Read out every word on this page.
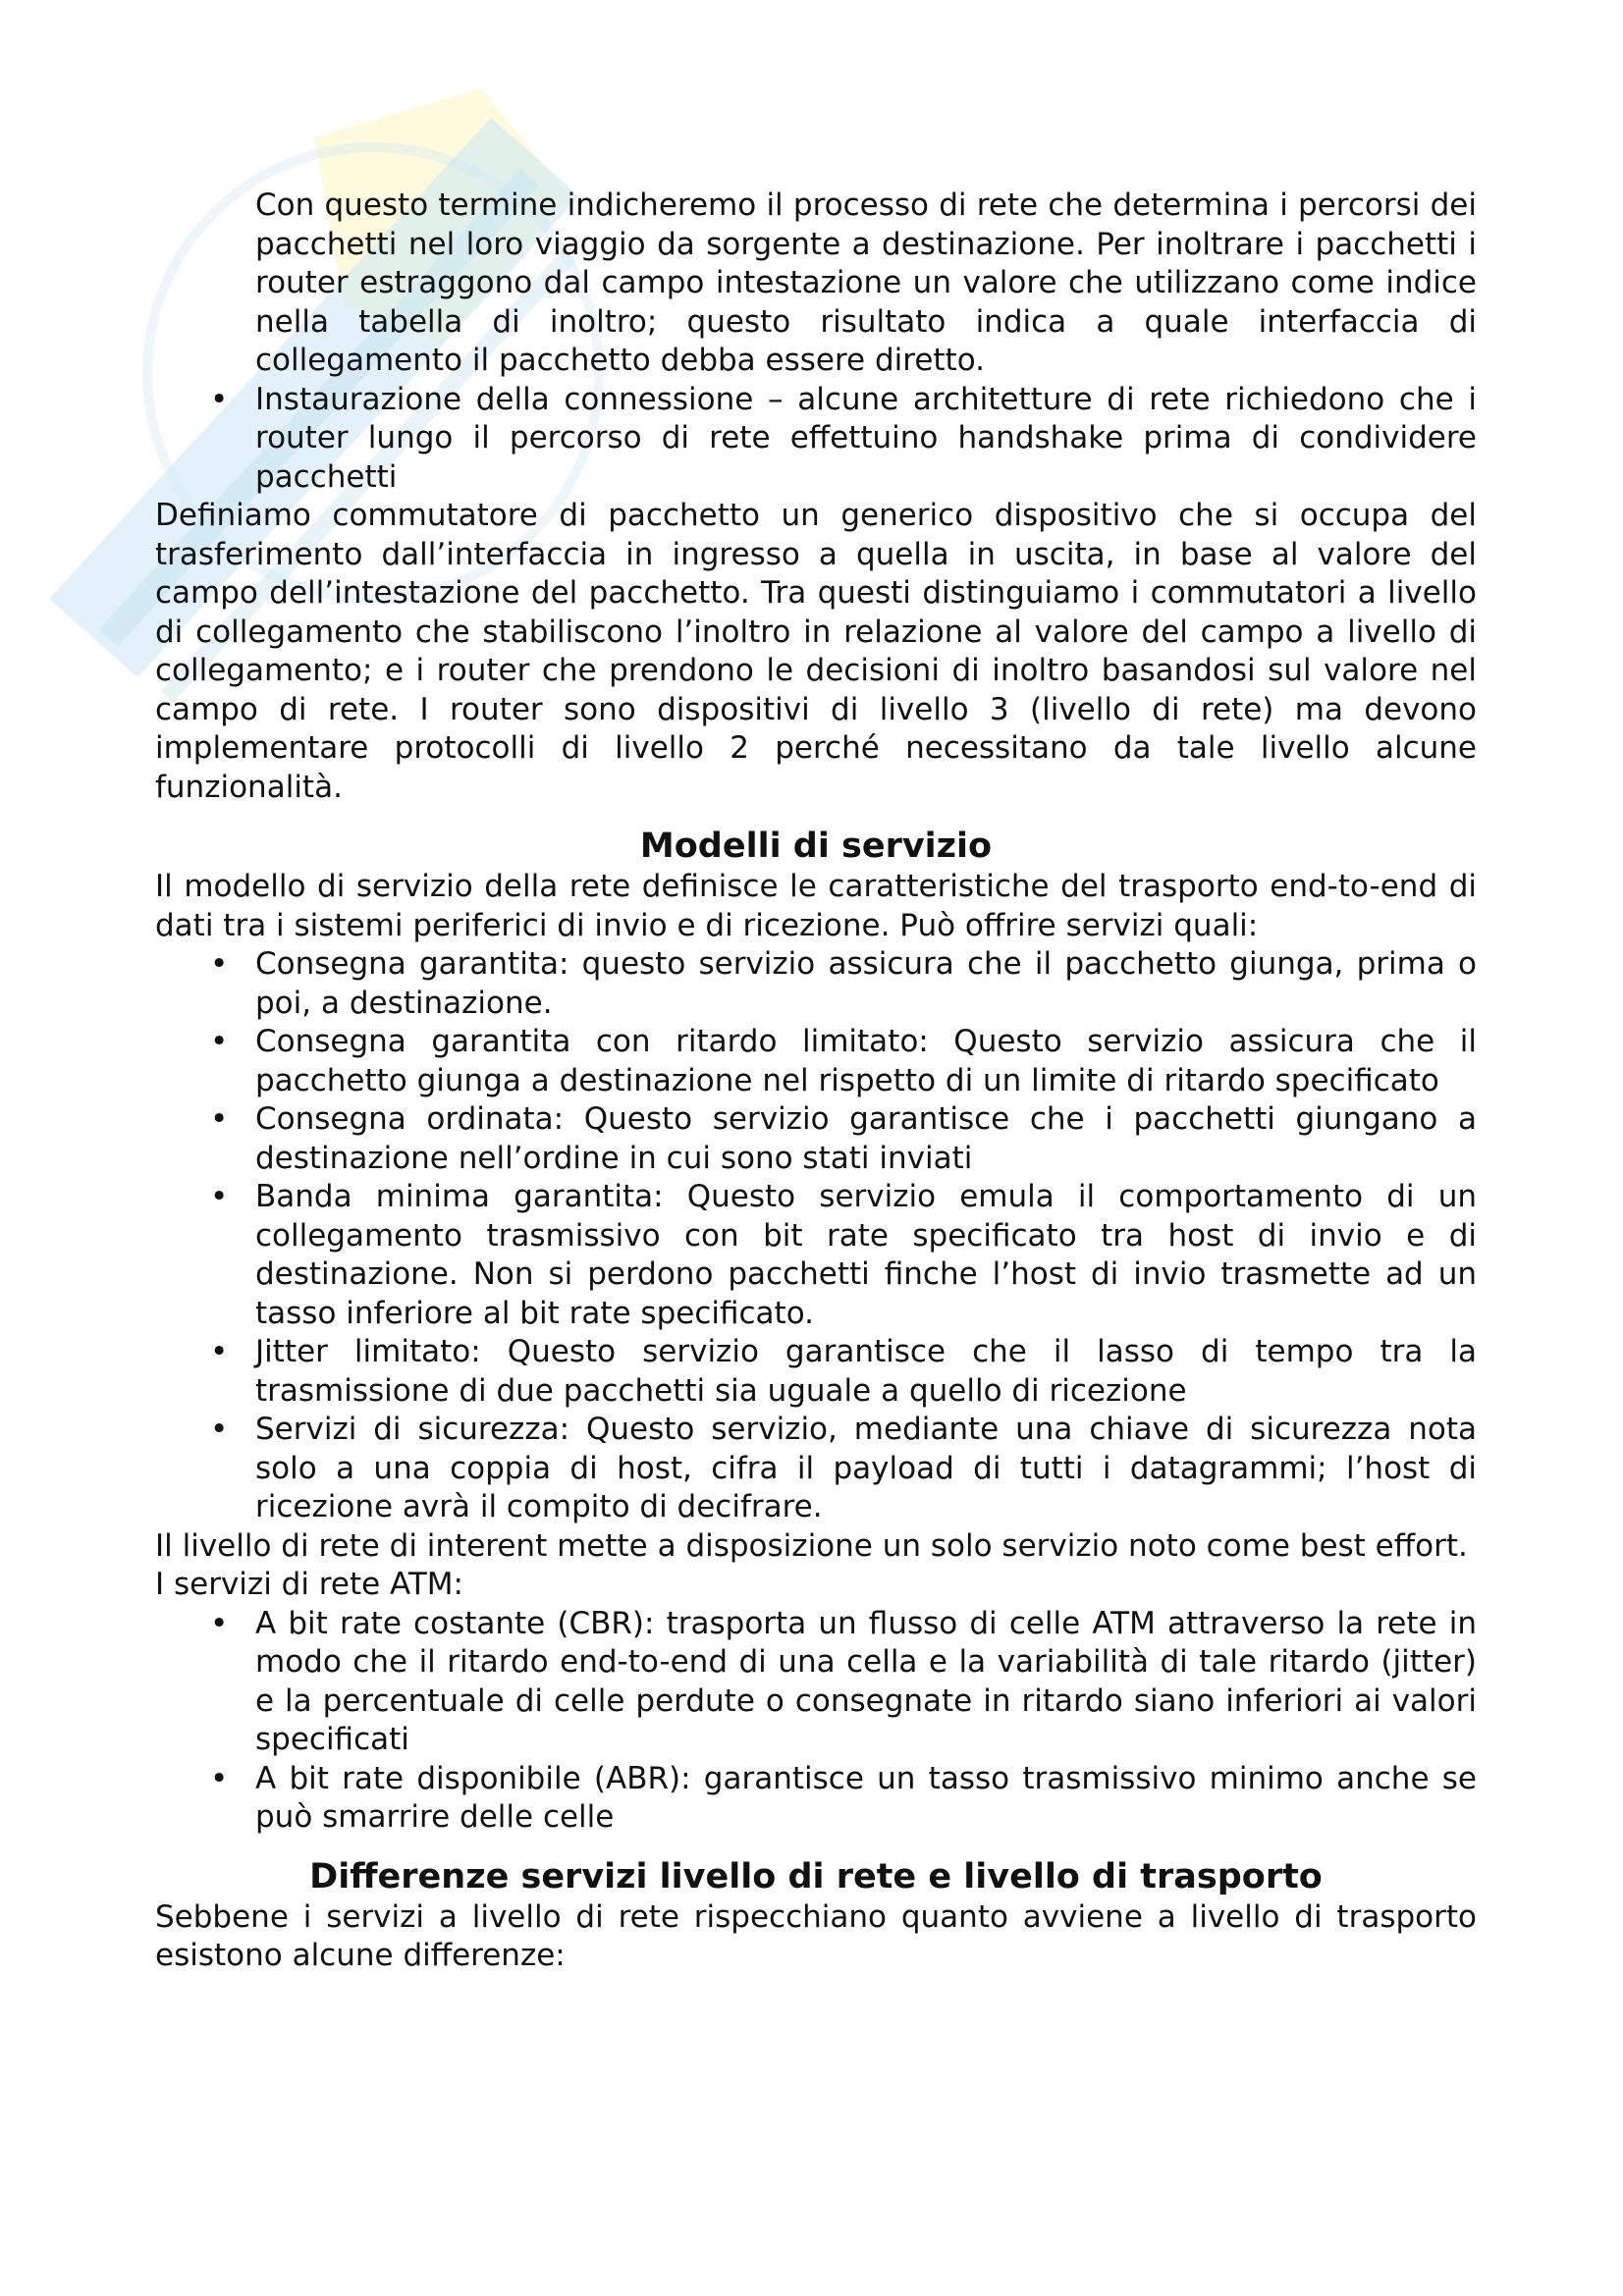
Con questo termine indicheremo il processo di rete che determina i percorsi dei pacchetti nel loro viaggio da sorgente a destinazione. Per inoltrare i pacchetti i router estraggono dal campo intestazione un valore che utilizzano come indice nella tabella di inoltro; questo risultato indica a quale interfaccia di collegamento il pacchetto debba essere diretto.

• Instaurazione della connessione – alcune architetture di rete richiedono che i router lungo il percorso di rete effettuino handshake prima di condividere pacchetti

Definiamo commutatore di pacchetto un generico dispositivo che si occupa del trasferimento dall’interfaccia in ingresso a quella in uscita, in base al valore del campo dell’intestazione del pacchetto. Tra questi distinguiamo i commutatori a livello di collegamento che stabiliscono l’inoltro in relazione al valore del campo a livello di collegamento; e i router che prendono le decisioni di inoltro basandosi sul valore nel campo di rete. I router sono dispositivi di livello 3 (livello di rete) ma devono implementare protocolli di livello 2 perché necessitano da tale livello alcune funzionalità.

Modelli di servizio

Il modello di servizio della rete definisce le caratteristiche del trasporto end-to-end di dati tra i sistemi periferici di invio e di ricezione. Può offrire servizi quali:

• Consegna garantita: questo servizio assicura che il pacchetto giunga, prima o poi, a destinazione.
• Consegna garantita con ritardo limitato: Questo servizio assicura che il pacchetto giunga a destinazione nel rispetto di un limite di ritardo specificato
• Consegna ordinata: Questo servizio garantisce che i pacchetti giungano a destinazione nell’ordine in cui sono stati inviati
• Banda minima garantita: Questo servizio emula il comportamento di un collegamento trasmissivo con bit rate specificato tra host di invio e di destinazione. Non si perdono pacchetti finche l’host di invio trasmette ad un tasso inferiore al bit rate specificato.
• Jitter limitato: Questo servizio garantisce che il lasso di tempo tra la trasmissione di due pacchetti sia uguale a quello di ricezione
• Servizi di sicurezza: Questo servizio, mediante una chiave di sicurezza nota solo a una coppia di host, cifra il payload di tutti i datagrammi; l’host di ricezione avrà il compito di decifrare.

Il livello di rete di interent mette a disposizione un solo servizio noto come best effort.

I servizi di rete ATM:

• A bit rate costante (CBR): trasporta un flusso di celle ATM attraverso la rete in modo che il ritardo end-to-end di una cella e la variabilità di tale ritardo (jitter) e la percentuale di celle perdute o consegnate in ritardo siano inferiori ai valori specificati
• A bit rate disponibile (ABR): garantisce un tasso trasmissivo minimo anche se può smarrire delle celle
Differenze servizi livello di rete e livello di trasporto

Sebbene i servizi a livello di rete rispecchiano quanto avviene a livello di trasporto esistono alcune differenze:
